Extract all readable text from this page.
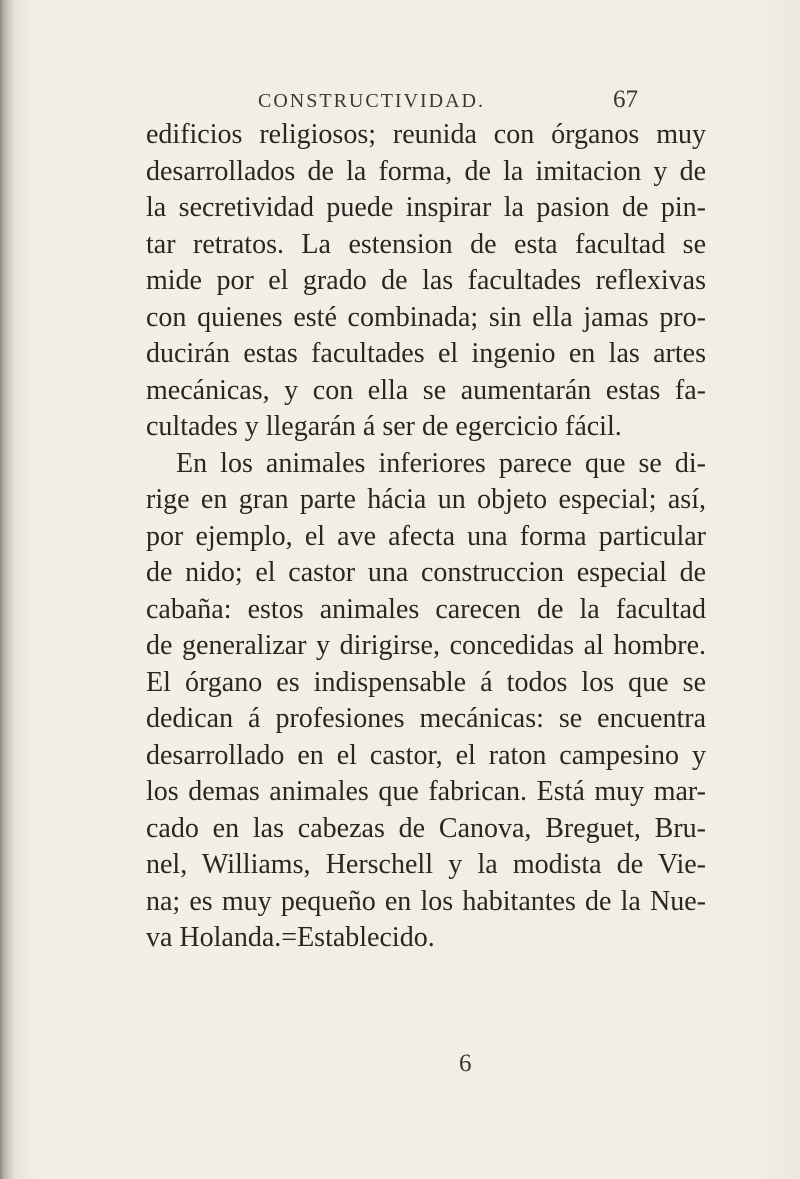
CONSTRUCTIVIDAD.	67
edificios religiosos; reunida con órganos muy
desarrollados de la forma, de la imitacion y de
la secretividad puede inspirar la pasion de pin-
tar retratos. La estension de esta facultad se
mide por el grado de las facultades reflexivas
con quienes esté combinada; sin ella jamas pro-
ducirán estas facultades el ingenio en las artes
mecánicas, y con ella se aumentarán estas fa-
cultades y llegarán á ser de egercicio fácil.
En los animales inferiores parece que se di-
rige en gran parte hácia un objeto especial; así,
por ejemplo, el ave afecta una forma particular
de nido; el castor una construccion especial de
cabaña: estos animales carecen de la facultad
de generalizar y dirigirse, concedidas al hombre.
El órgano es indispensable á todos los que se
dedican á profesiones mecánicas: se encuentra
desarrollado en el castor, el raton campesino y
los demas animales que fabrican. Está muy mar-
cado en las cabezas de Canova, Breguet, Bru-
nel, Williams, Herschell y la modista de Vie-
na; es muy pequeño en los habitantes de la Nue-
va Holanda.=Establecido.
6
